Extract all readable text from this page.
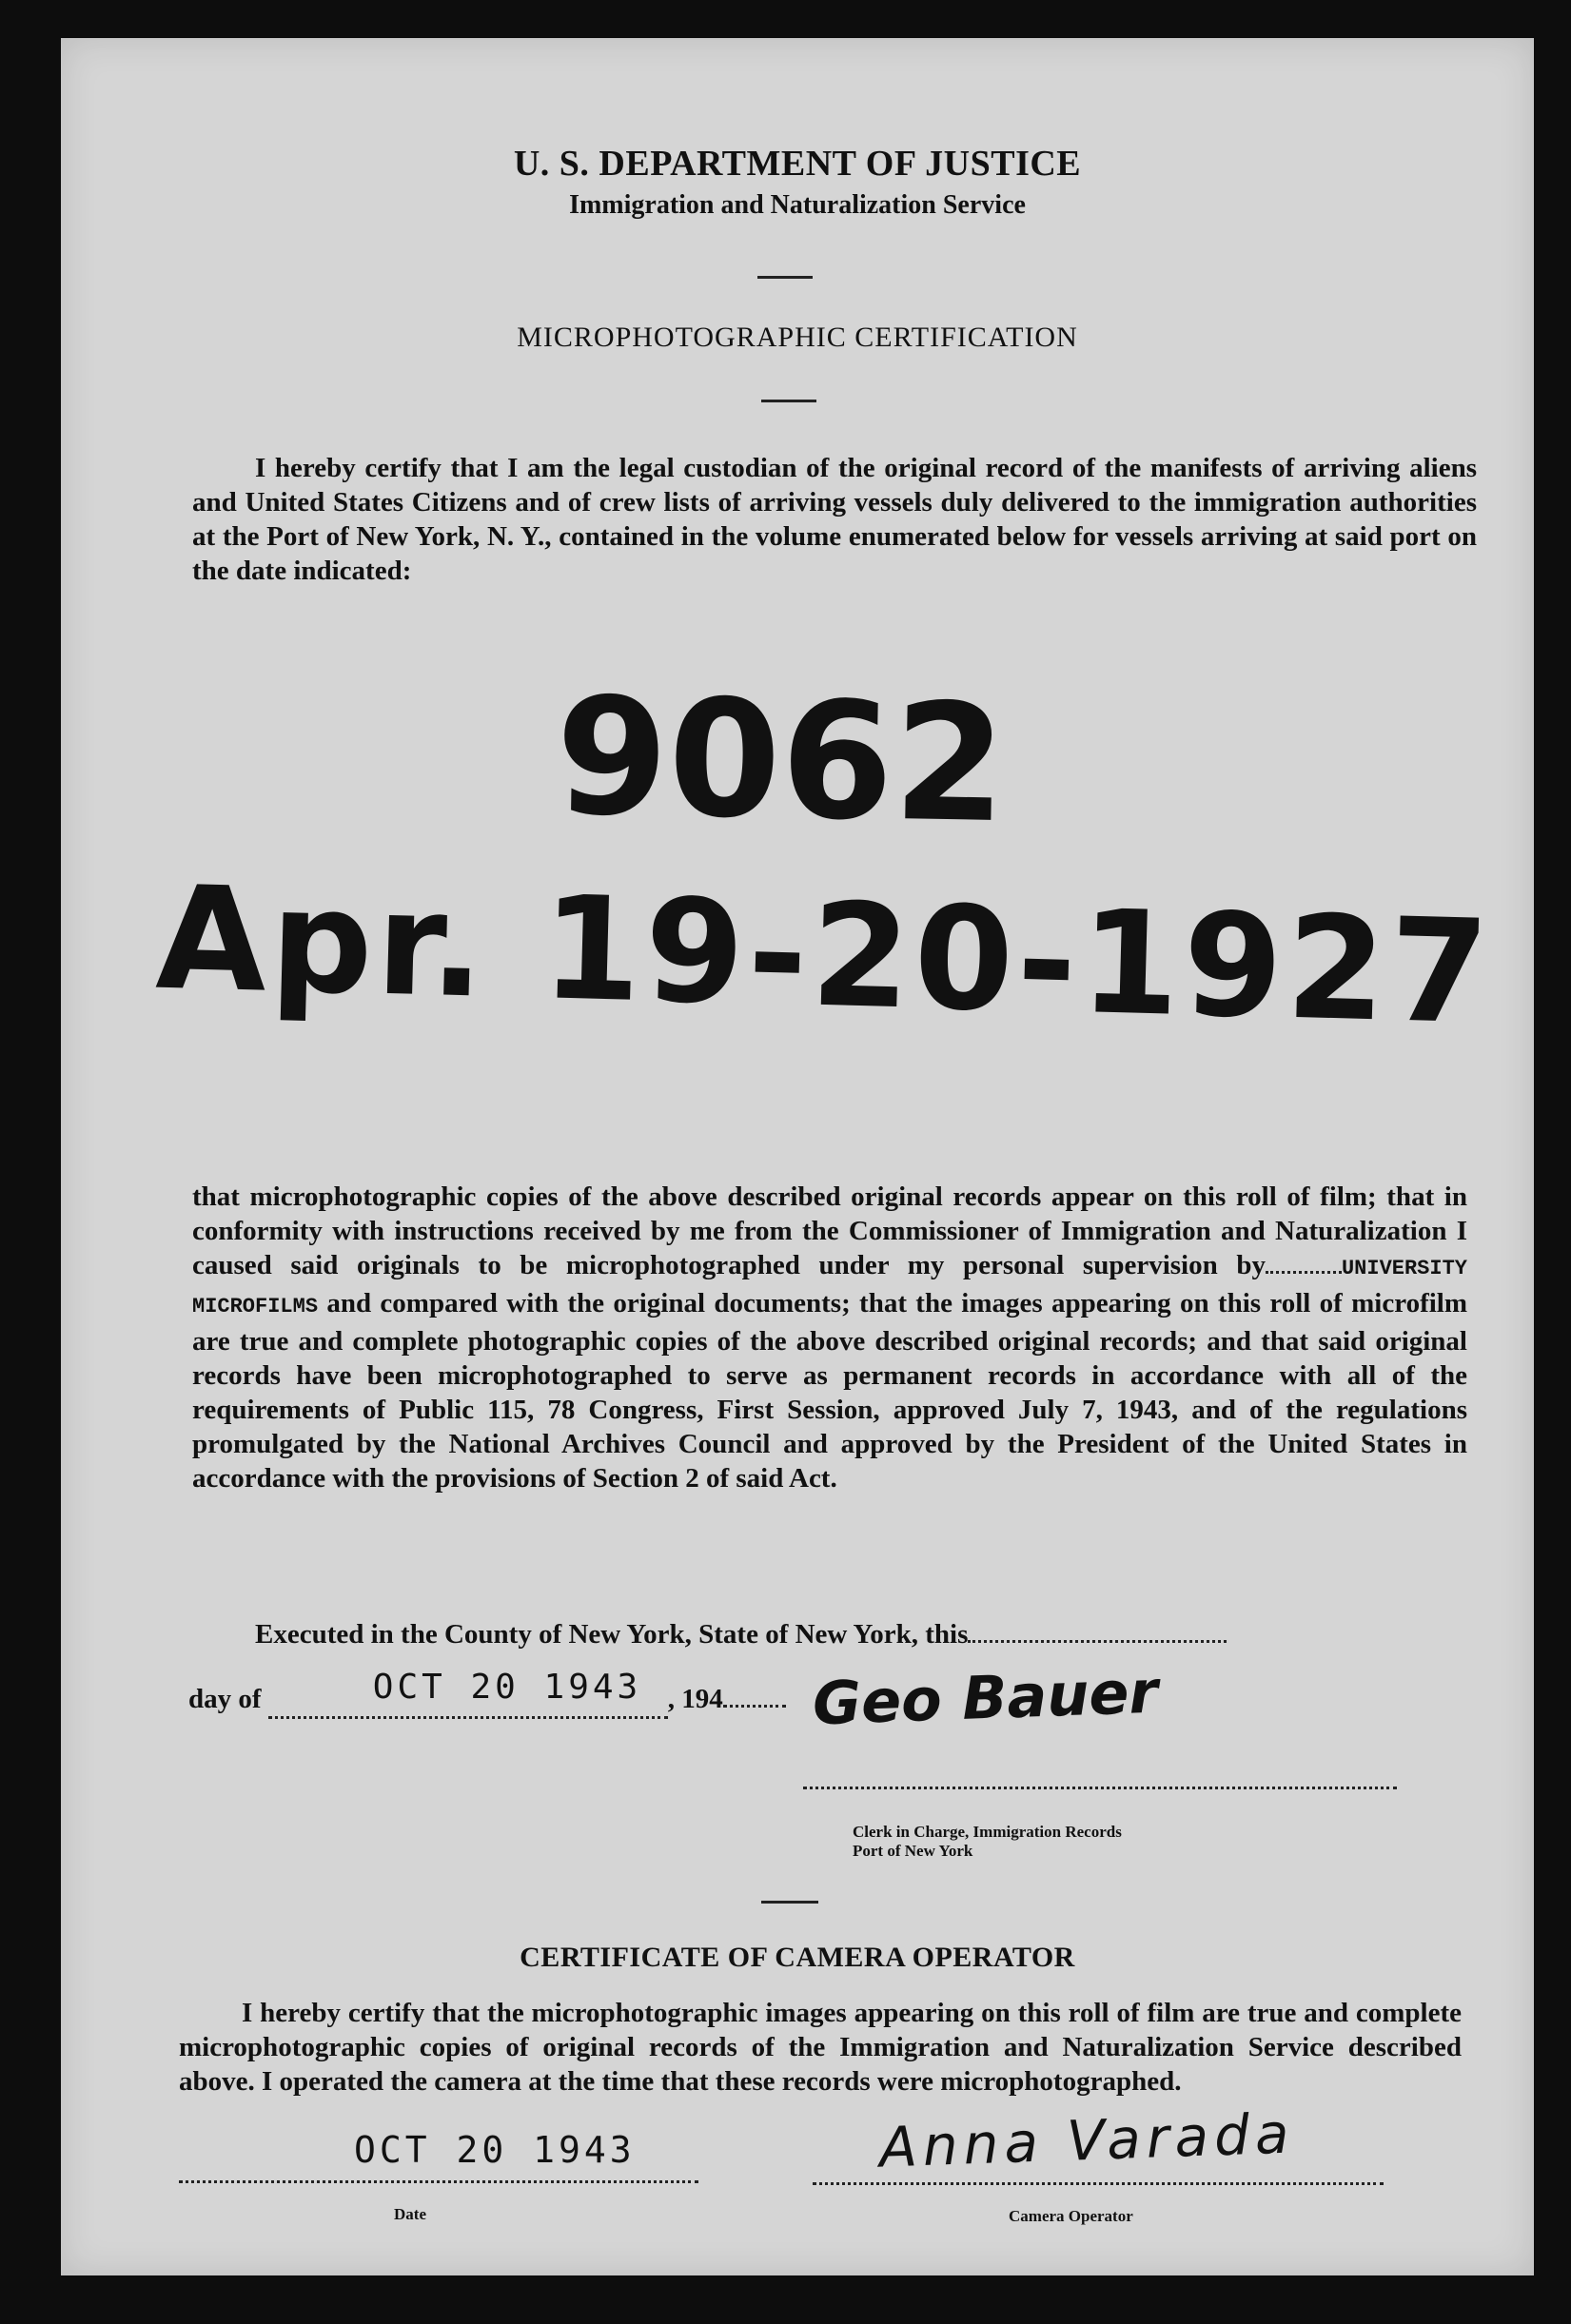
U. S. DEPARTMENT OF JUSTICE
Immigration and Naturalization Service
MICROPHOTOGRAPHIC CERTIFICATION

I hereby certify that I am the legal custodian of the original record of the manifests of arriving aliens and United States Citizens and of crew lists of arriving vessels duly delivered to the immigration authorities at the Port of New York, N. Y., contained in the volume enumerated below for vessels arriving at said port on the date indicated:

9062
Apr. 19-20-1927
that microphotographic copies of the above described original records appear on this roll of film; that in conformity with instructions received by me from the Commissioner of Immigration and Naturalization I caused said originals to be microphotographed under my personal supervision by	UNIVERSITY MICROFILMS and compared with the original documents; that the images appearing on this roll of microfilm are true and complete photographic copies of the above described original records; and that said original records have been microphotographed to serve as permanent records in accordance with all of the requirements of Public 115, 78 Congress, First Session, approved July 7, 1943, and of the regulations promulgated by the National Archives Council and approved by the President of the United States in accordance with the provisions of Section 2 of said Act.
Executed in the County of New York, State of New York, this
day of	OCT 20 1943 , 194	Geo Bauer
Clerk in Charge, Immigration Records
Port of New York
CERTIFICATE OF CAMERA OPERATOR

I hereby certify that the microphotographic images appearing on this roll of film are true and complete microphotographic copies of original records of the Immigration and Naturalization Service described above. I operated the camera at the time that these records were microphotographed.

OCT 20 1943
Date
Anna Varada
Camera Operator
